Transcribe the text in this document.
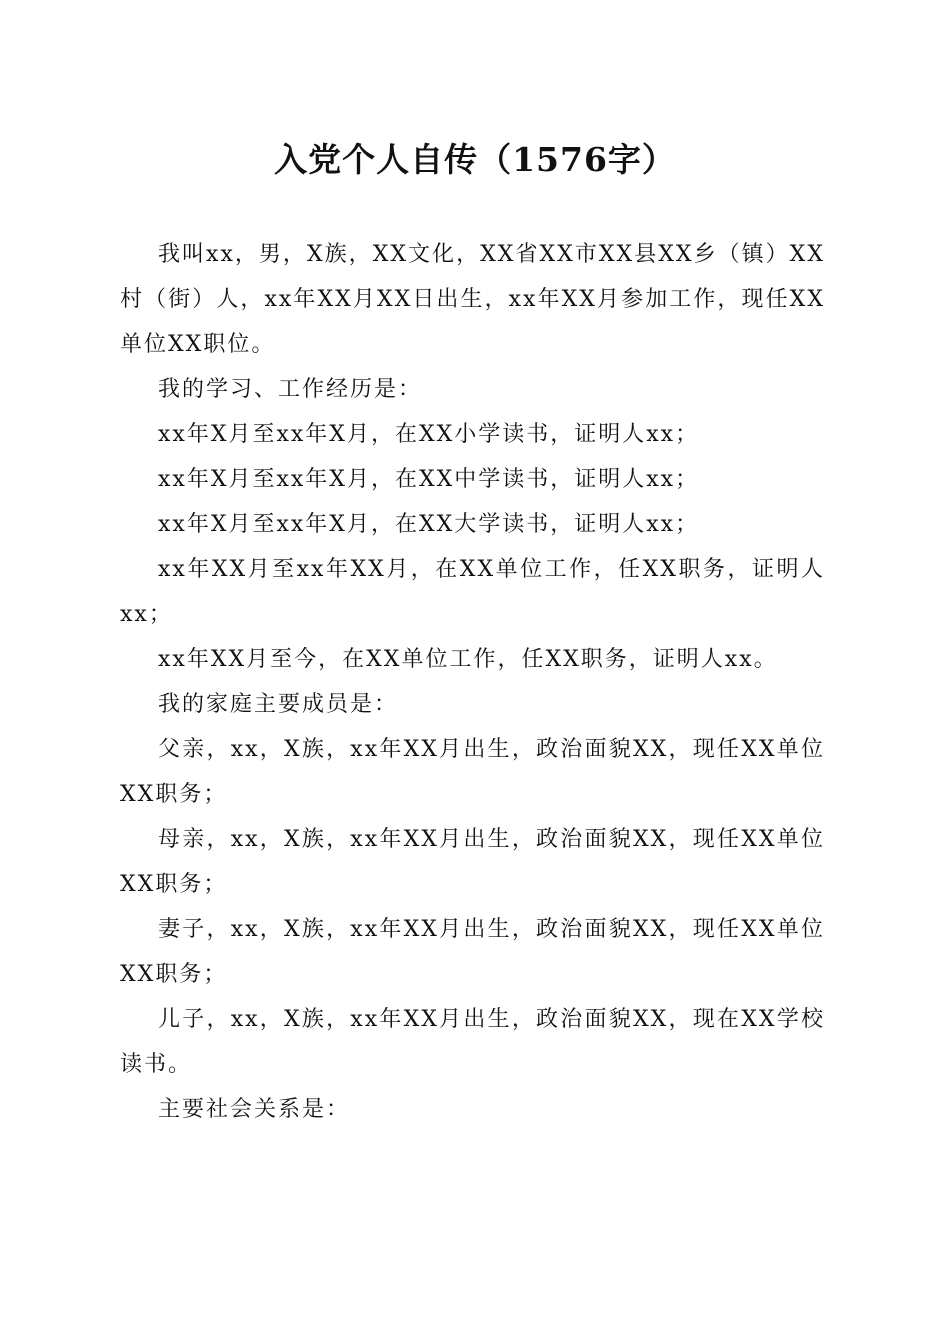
入党个人自传（1576字）

我叫xx，男，X族，XX文化，XX省XX市XX县XX乡（镇）XX村（街）人，xx年XX月XX日出生，xx年XX月参加工作，现任XX单位XX职位。

我的学习、工作经历是：

xx年X月至xx年X月，在XX小学读书，证明人xx；

xx年X月至xx年X月，在XX中学读书，证明人xx；

xx年X月至xx年X月，在XX大学读书，证明人xx；

xx年XX月至xx年XX月，在XX单位工作，任XX职务，证明人xx；

xx年XX月至今，在XX单位工作，任XX职务，证明人xx。

我的家庭主要成员是：

父亲，xx，X族，xx年XX月出生，政治面貌XX，现任XX单位XX职务；

母亲，xx，X族，xx年XX月出生，政治面貌XX，现任XX单位XX职务；

妻子，xx，X族，xx年XX月出生，政治面貌XX，现任XX单位XX职务；

儿子，xx，X族，xx年XX月出生，政治面貌XX，现在XX学校读书。

主要社会关系是：
